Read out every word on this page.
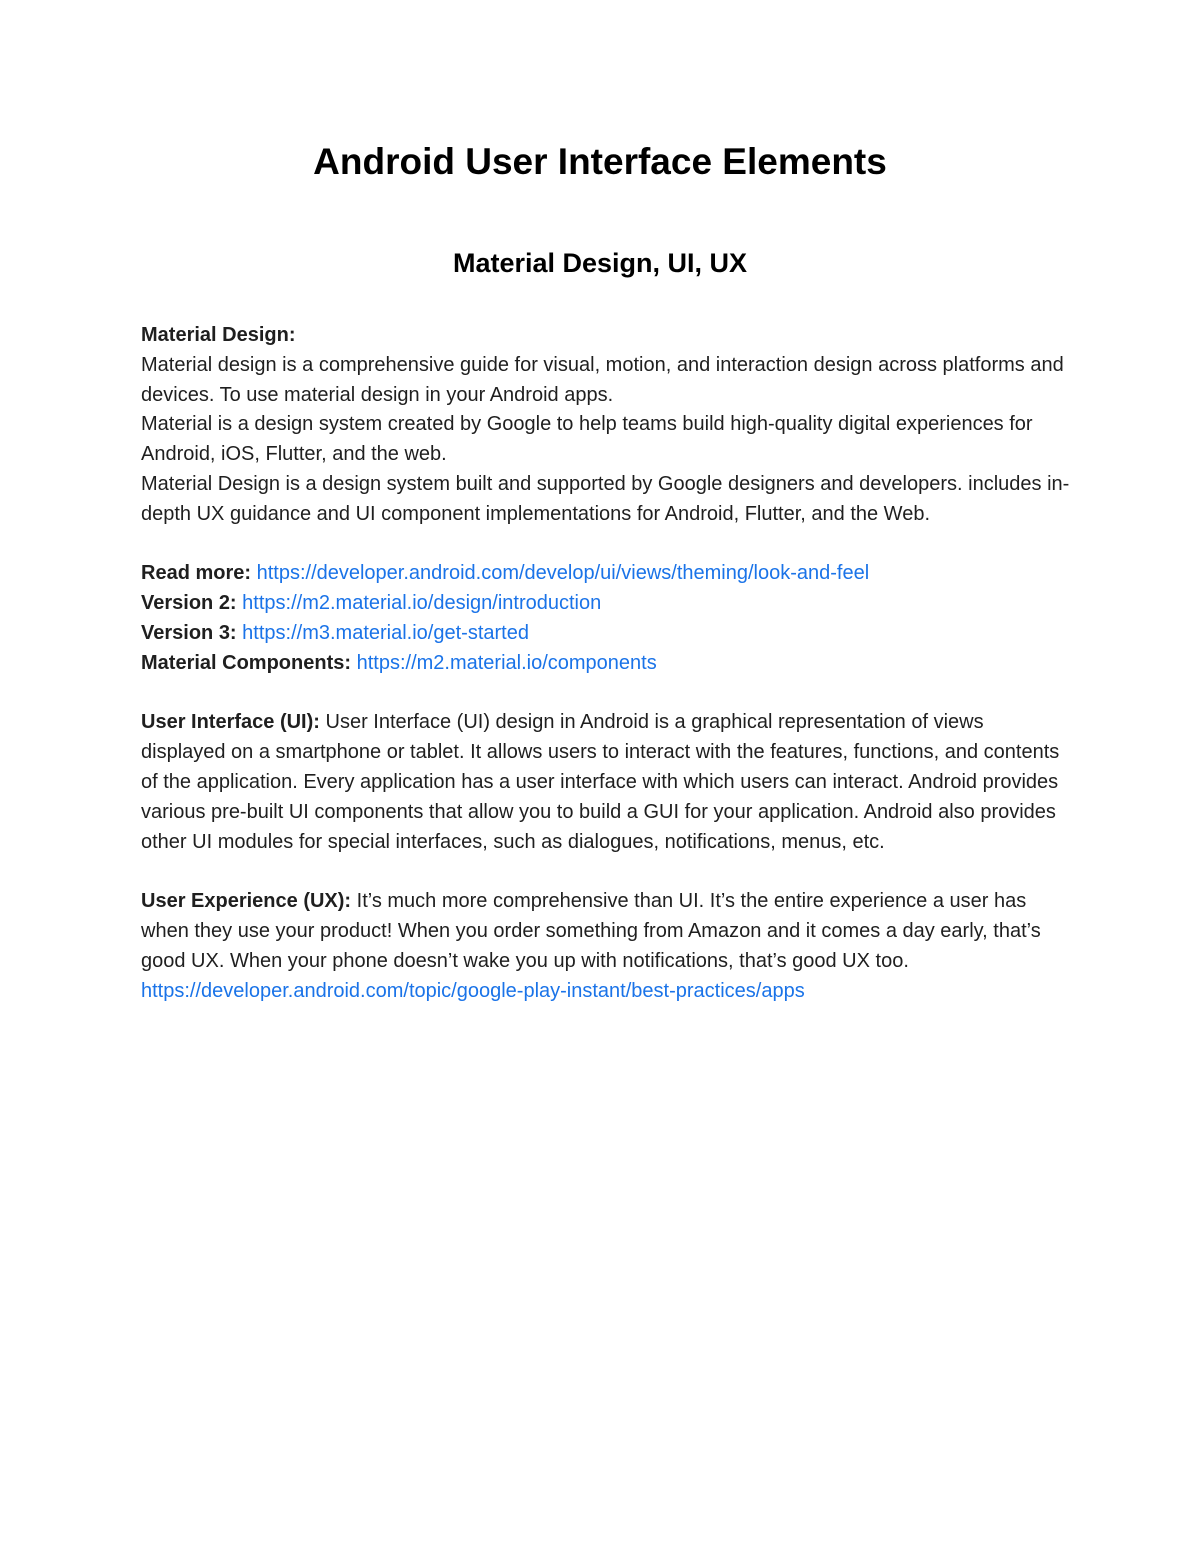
Android User Interface Elements
Material Design, UI, UX

Material Design:

Material design is a comprehensive guide for visual, motion, and interaction design across platforms and devices. To use material design in your Android apps.

Material is a design system created by Google to help teams build high-quality digital experiences for Android, iOS, Flutter, and the web.

Material Design is a design system built and supported by Google designers and developers. includes in-depth UX guidance and UI component implementations for Android, Flutter, and the Web.

Read more: https://developer.android.com/develop/ui/views/theming/look-and-feel

Version 2: https://m2.material.io/design/introduction

Version 3: https://m3.material.io/get-started

Material Components: https://m2.material.io/components

User Interface (UI): User Interface (UI) design in Android is a graphical representation of views displayed on a smartphone or tablet. It allows users to interact with the features, functions, and contents of the application. Every application has a user interface with which users can interact. Android provides various pre-built UI components that allow you to build a GUI for your application. Android also provides other UI modules for special interfaces, such as dialogues, notifications, menus, etc.

User Experience (UX): It’s much more comprehensive than UI. It’s the entire experience a user has when they use your product! When you order something from Amazon and it comes a day early, that’s good UX. When your phone doesn’t wake you up with notifications, that’s good UX too.

https://developer.android.com/topic/google-play-instant/best-practices/apps
